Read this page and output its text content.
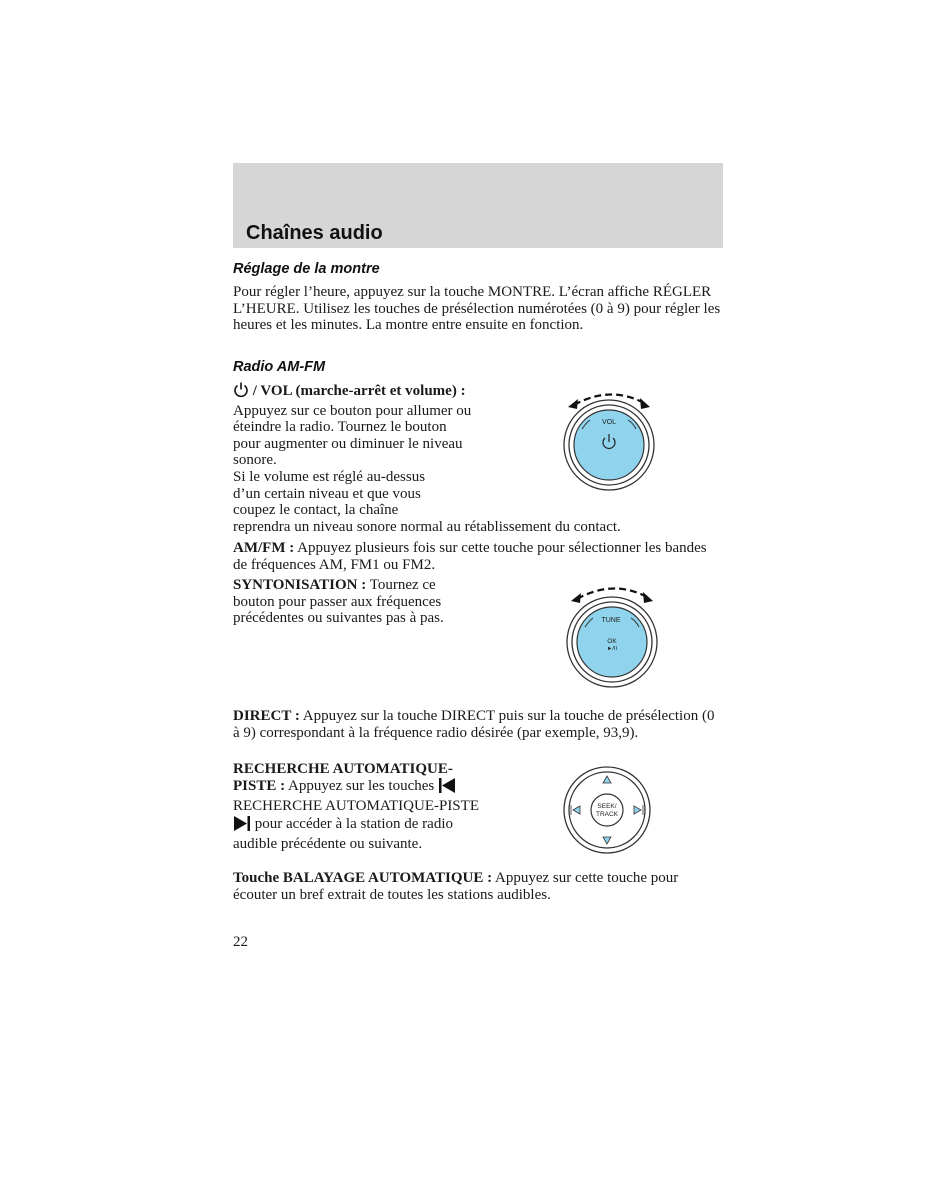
Chaînes audio
Réglage de la montre

Pour régler l’heure, appuyez sur la touche MONTRE. L’écran affiche RÉGLER L’HEURE. Utilisez les touches de présélection numérotées (0 à 9) pour régler les heures et les minutes. La montre entre ensuite en fonction.

Radio AM-FM

/ VOL (marche-arrêt et volume) : Appuyez sur ce bouton pour allumer ou éteindre la radio. Tournez le bouton pour augmenter ou diminuer le niveau sonore.

Si le volume est réglé au-dessus

d’un certain niveau et que vous

coupez le contact, la chaîne

reprendra un niveau sonore normal au rétablissement du contact.

VOL

AM/FM : Appuyez plusieurs fois sur cette touche pour sélectionner les bandes de fréquences AM, FM1 ou FM2.

SYNTONISATION : Tournez ce bouton pour passer aux fréquences précédentes ou suivantes pas à pas.	TUNE
OK
►/II

DIRECT : Appuyez sur la touche DIRECT puis sur la touche de présélection (0 à 9) correspondant à la fréquence radio désirée (par exemple, 93,9).

RECHERCHE AUTOMATIQUE-PISTE : Appuyez sur les touches  RECHERCHE AUTOMATIQUE-PISTE  pour accéder à la station de radio audible précédente ou suivante.

SEEK/
TRACK

Touche BALAYAGE AUTOMATIQUE : Appuyez sur cette touche pour écouter un bref extrait de toutes les stations audibles.

22
